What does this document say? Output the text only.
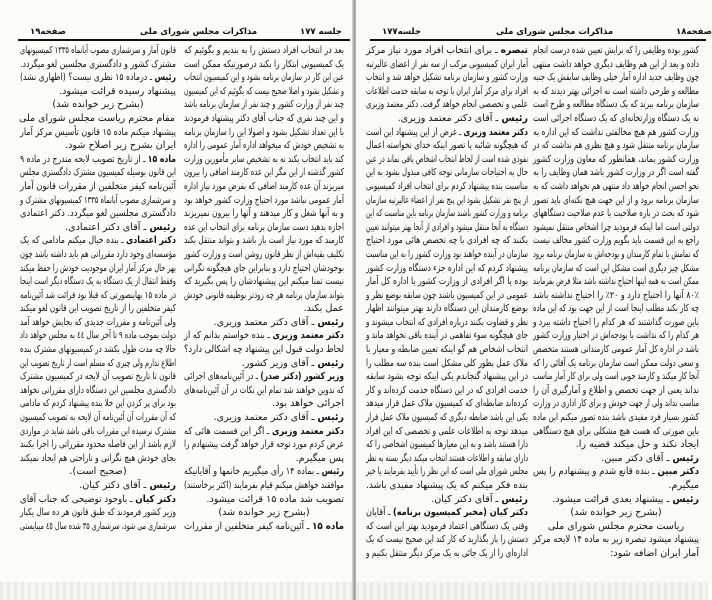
صفحه۱۹	مذاکرات مجلس شورای ملی	جلسه ۱۷۷
بعد در انتخاب افراد دستش را به بندیم و بگوئیم که
یک کمیسیونی ابتکار را بکند درصورتیکه ممکن است
عین این کار در سازمان برنامه بشود و این کمیسیون انتخاب
و تشکیل بشود و اصلا صحیح نیست که بگوئیم که این کمیسیون
چند نفر از وزارت کشور و چند نفر از سازمان برنامه باشد
و این چند نفری که جناب آقای دکتر پیشنهاد فرمودند
با این تعداد تشکیل بشود و اصولا این را سازمان برنامه
به تشخیص خودش که میخواهد اداره آمار عمومی را اداره
کند باید انتخاب بکند نه به تشخیص سایر مأمورین وزارت
کشور گذشته از این مگر این عده کارمند اضافی را بیرون
میریزند آن عده کارمند اضافی که بفرض مورد نیاز اداره
آمار عمومی نباشد مورد احتیاج وزارت کشور خواهد بود
و به آنها شغل و کار میدهند و آنها را بیرون نمیریزند
اجازه بدهید دست سازمان برنامه برای انتخاب این عده
کارمند که مورد نیاز است باز باشد و بتواند منتقل بکند
تکلیف بقیه‌اش از نظر قانون روشن است و وزارت کشور
بوجودشان احتیاج دارد و بنابراین جای هیچگونه نگرانی
نیست تمنا میکنم این پیشنهادشان را پس بگیرید که
بتواند سازمان برنامه هر چه زودتر بوظیفه قانونی خودش
عمل بکند.
رئیس ـ آقای دکتر معتمد وزیری.
دکتر معتمد وزیری ـ بنده خواستم بدانم که از
لحاظ دولت قبول این پیشنهاد چه اشکالی دارد؟
رئیس ـ آقای وزیر کشور.
وزیر کشور (دکتر صدر) ـ در آئین‌نامه‌های اجرائی
که تدوین خواهند شد تمام این نکات در آن آئین‌نامه‌های
اجرائی خواهد بود.
رئیس ـ آقای دکتر معتمد وزیری.
دکتر معتمد وزیری ـ اگر این قسمت هائی که
عرض کردم مورد توجه قرار خواهد گرفت پیشنهادم را
پس میگیرم.
رئیس ـ بماده ۱۴ رأی میگیریم خانمها و آقایانیکه
موافقند خواهش میکنم قیام بفرمایند (اکثر برخاستند)
تصویب شد ماده ۱۵ قرائت میشود.
(بشرح زیر خوانده شد)
ماده ۱۵ ـ آئین‌نامه کیفر متخلفین از مقررات
قانون آمار و سرشماری مصوب آبانماه ۱۳۳۵ کمیسیونهای
مشترک کشور و دادگستری مجلسین لغو میگردد.
رئیس ـ درماده ۱۵ نظری نیست؟ (اظهاری نشد)
پیشنهاد رسیده قرائت میشود.
(بشرح زیر خوانده شد)
مقام محترم ریاست مجلس شورای ملی
پیشنهاد میکنم ماده ۱۵ قانون تأسیس مرکز آمار
ایران بشرح زیر اصلاح شود.
ماده ۱۵ ـ از تاریخ تصویب لایحه مندرج در ماده ۹
این قانون بوسیله کمیسیون مشترک دادگستری مجلس
آئین‌نامه کیفر متخلفین از مقررات قانون آمار
و سرشماری مصوب آبانماه ۱۳۳۵ کمیسیونهای مشترک و
دادگستری مجلسین لغو میگردد. دکتر اعتمادی
رئیس ـ آقای دکتر اعتمادی.
دکتر اعتمادی ـ بنده خیال میکنم مادامی که یک
مؤسسه‌ای وجود دارد مقرراتی هم باید داشته باشد چون
بهر حال مرکز آمار ایران موجودیت خودش را حفظ میکند
وفقط انتقال از یک دستگاه به یک دستگاه دیگر است اینجا
در ماده ۱۵ بهاینصورتی که قبلا بود قرائت شد آئین‌نامه
کیفر متخلفین را از تاریخ تصویب این قانون لغو میکند
ولی آئین‌نامه و مقررات جدیدی که بجایش خواهد آمد
دولت بموجب ماده ۹ تا آخر سال ٤٤ به مجلس خواهد داد
حالا چه مدت طول بکشد در کمیسیونهای مشترک بنده
اطلاع ندارم ولی چیزی که مسلم است از تاریخ تصویب این
قانون تا تاریخ تصویب آن لایحه در کمیسیون مشترک
دادگستری مجلسین این دستگاه دارای مقرراتی نخواهد
بود برای پر کردن این خلا بنده پیشنهاد کردم که مادامی
که آن مقررات آن آئین‌نامه آن لایحه به تصویب کمیسیون
مشترک نرسیده این مقررات باقی باشد شاید در مواردی
لازم باشد از این فاصله محدود مقرراتی را اجرا بکنند
بجای خودش هیچ نگرانی و ناراحتی هم ایجاد نمیکند
(صحیح است).
رئیس ـ آقای دکتر کیان.
دکتر کیان ـ باوجود توضیحی که جناب آقای
وزیر کشور فرمودند که طبق قانون هر ده سال یکبار
سرشماری می شود، سرشماری ۳۵ شده سال ٤٥ میبایستی
صفحه۱۸
مذاکرات مجلس شورای ملی
جلسه۱۷۷
کشور بوده وظایفی را که برایش تعیین شده درست انجام
داده و بعد از این هم وظایف دیگری خواهد داشت منتهی
چون وظایف جدید اداره آمار خیلی وظایف سابقش یک جنبه
مطالعه و طرحی داشته است نه اجرائی بهتر دیدند که به
سازمان برنامه ببرند که یک دستگاه مطالعه و طرح است
نه یک دستگاه وزارتخانه‌ای که یک دستگاه اجرائی است
وزارت کشور هم هیچ مخالفتی نداشت که این اداره به
سازمان برنامه منتقل شود و هیچ نظری هم نداشت که در
وزارت کشور بماند، همانطور که معاون وزارت کشور
گفته است اگر در وزارت کشور باشد همان وظایف را به
نحو احسن انجام خواهد داد منتهی هم نخواهد داشت که به
سازمان برنامه برود و از این جهت هیچ نکته‌ای باید تصور
شود که بحث در باره صلاحیت یا عدم صلاحیت دستگاههای
دولتی است اما اینکه فرمودید چرا اشخاص منتقل نمیشود
راجع به این قسمت باید بگویم وزارت کشور مخالف نیست
که تمامش با تمام کارمندان و بودجه‌اش به سازمان برنامه برود
مشکل چیز دیگری است مشکل این است که سازمان برنامه
ممکن است به همه اینها احتیاج نداشته باشد مثلا فرض بفرمایند
۸۰٪ آنها را احتیاج دارد و ۲۰٪ را احتیاج نداشته باشد
چه کار بکند مطلب اینجا است از این جهت بود که این ماده
باین صورت گذاشتند که هر کدام را احتیاج داشته ببرد و
هر کدام را که نداشت با بودجه‌اش در اختیار وزارت کشور
باشد در اداره کل آمار عمومی کارمندانی هستند متخصص
و سعی دولت ممکن است سازمان برنامه یک آقائی را که
آنجا کار میکند و کارمند خوبی است ولی برای کار آمار مناسب
نداند یعنی از جهت تخصص و اطلاع و آمارگیری آن را
مناسب نداند ولی از جهت خودش و برای کار اداری در وزارت
کشور بسیار فرد مفیدی باشد بنده تصور میکنم این ماده
باین صورتی که هست هیچ مشکلی برای هیچ دستگاهی
ایجاد نکند و حل میکند قضیه را.
رئیس ـ آقای دکتر مبین.
دکتر مبین ـ بنده قانع شدم و پیشنهادم را پس
میگیرم.
رئیس ـ پیشنهاد بعدی قرائت میشود.
(بشرح زیر خوانده شد)
ریاست محترم مجلس شورای ملی
پیشنهاد میشود تبصره زیر به ماده ۱۴ لایحه مرکز
آمار ایران اضافه شود:
تبصره ـ برای انتخاب افراد مورد نیاز مرکز
آمار ایران کمیسیونی مرکب از سه نفر از اعضای عالیرتبه
وزارت کشور و سازمان برنامه تشکیل خواهد شد و انتخاب
افراد برای مرکز آمار ایران با توجه به سابقه خدمت اطلاعات
علمی و تخصصی انجام خواهد گرفت. دکتر معتمد وزیری
رئیس ـ آقای دکتر معتمد وزیری.
دکتر معتمد وزیری ـ غرض از این پیشنهاد این است
که هیچگونه شائبه یا تصور اینکه خدای نخواسته اعمال
نفوذی شده است از لحاظ انتخاب اشخاص باقی نماند در عین
حال به احتیاجات سازمانی توجه کافی مبذول بشود به این
مناسبت بنده پیشنهاد کردم برای انتخاب افراد کمیسیونی
از پنج نفر تشکیل بشود این پنج نفر از اعضاء عالیرتبه سازمان
برنامه و وزارت کشور باشند سازمان برنامه باین مناسبت که این
دستگاه به آنجا منتقل میشود و افرادی از آنجا بهتر میتوانند تعیین
بکنند که چه افرادی با چه تخصص هائی مورد احتیاج
سازمان در آینده خواهند بود وزارت کشور را به این مناسبت
پیشنهاد کردم که این اداره جزء دستگاه وزارت کشور
بوده یا اگر افرادی از وزارت کشور یا اداره کل آمار
عمومی در این کمیسیون باشند چون سابقه بوضع نظر و
بوضع کارمندان این دستگاه دارند بهتر میتوانند اظهار
نظر و قضاوت بکنند درباره افرادی که انتخاب میشوند و
جای هیچگونه سوء تفاهمی در آینده باقی نخواهد ماند و
انتخاب اشخاص هم گو اینکه تعیین ضابطه و معیار با
ملاک عمل بطور کلی مشکل است بنده سه مطلب را
در این پیشنهاد گنجاندم یکی اینکه توجه بشود سابقه
خدمت افرادی که در این دستگاه خدمت کرده‌اند و کار
کرده‌اند ضابطه‌ای که کمیسیون ملاک عمل قرار میدهد
یکی این باشد ضابطه دیگری که کمیسیون ملاک عمل قرار
میدهد توجه به اطلاعات علمی و تخصصی که این افراد
دارا هستند باشد و به این معیارها کمیسیون اشخاصی را که
دارای سابقه و اطلاعات هستند انتخاب میکند دیگر بسته به نظر
مجلس شورای ملی است که این نظر را تأیید بفرمایند یا خیر
بنده فکر میکنم که یک پیشنهاد مفیدی باشد.
رئیس ـ آقای دکتر کیان.
دکتر کیان (مخبر کمیسیون برنامه) ـ آقایان
وقتی یک دستگاهی اعتماد فرمودید بهتر این است که
دستش را باز بگذارید که کار کند این صحیح نیست که یک
اداره‌ای را از یک جائی به یک مرکز دیگر منتقل بکنیم و
